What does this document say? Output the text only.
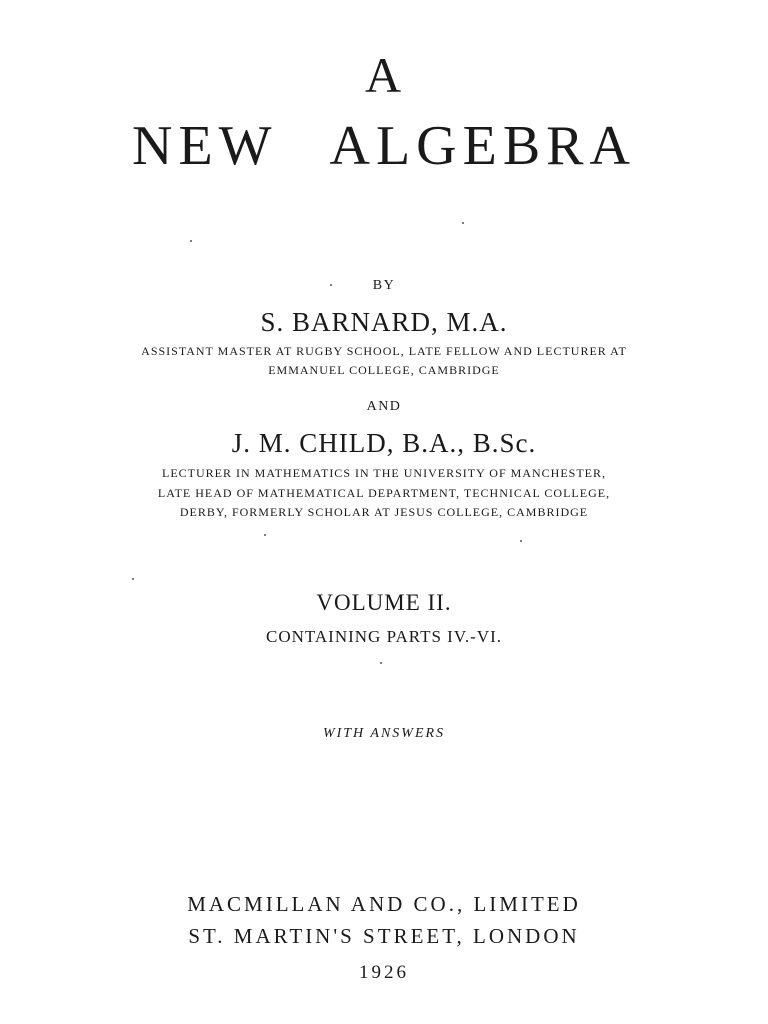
A
NEW ALGEBRA
BY
S. BARNARD, M.A.
ASSISTANT MASTER AT RUGBY SCHOOL, LATE FELLOW AND LECTURER AT
EMMANUEL COLLEGE, CAMBRIDGE
AND
J. M. CHILD, B.A., B.Sc.
LECTURER IN MATHEMATICS IN THE UNIVERSITY OF MANCHESTER,
LATE HEAD OF MATHEMATICAL DEPARTMENT, TECHNICAL COLLEGE,
DERBY, FORMERLY SCHOLAR AT JESUS COLLEGE, CAMBRIDGE
VOLUME II.
CONTAINING PARTS IV.-VI.
WITH ANSWERS
MACMILLAN AND CO., LIMITED
ST. MARTIN'S STREET, LONDON
1926
